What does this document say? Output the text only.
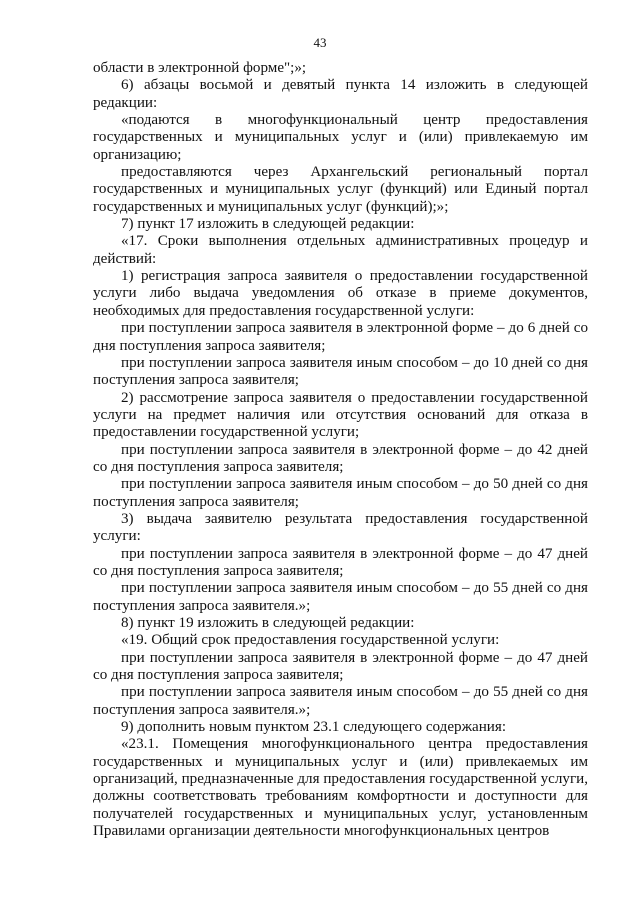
43

области в электронной форме";»;

6) абзацы восьмой и девятый пункта 14 изложить в следующей редакции:

«подаются в многофункциональный центр предоставления государственных и муниципальных услуг и (или) привлекаемую им организацию;

предоставляются через Архангельский региональный портал государственных и муниципальных услуг (функций) или Единый портал государственных и муниципальных услуг (функций);»;

7) пункт 17 изложить в следующей редакции:

«17. Сроки выполнения отдельных административных процедур и действий:

1) регистрация запроса заявителя о предоставлении государственной услуги либо выдача уведомления об отказе в приеме документов, необходимых для предоставления государственной услуги:

при поступлении запроса заявителя в электронной форме – до 6 дней со дня поступления запроса заявителя;

при поступлении запроса заявителя иным способом – до 10 дней со дня поступления запроса заявителя;

2) рассмотрение запроса заявителя о предоставлении государственной услуги на предмет наличия или отсутствия оснований для отказа в предоставлении государственной услуги;

при поступлении запроса заявителя в электронной форме – до 42 дней со дня поступления запроса заявителя;

при поступлении запроса заявителя иным способом – до 50 дней со дня поступления запроса заявителя;

3) выдача заявителю результата предоставления государственной услуги:

при поступлении запроса заявителя в электронной форме – до 47 дней со дня поступления запроса заявителя;

при поступлении запроса заявителя иным способом – до 55 дней со дня поступления запроса заявителя.»;

8) пункт 19 изложить в следующей редакции:

«19. Общий срок предоставления государственной услуги:

при поступлении запроса заявителя в электронной форме – до 47 дней со дня поступления запроса заявителя;

при поступлении запроса заявителя иным способом – до 55 дней со дня поступления запроса заявителя.»;

9) дополнить новым пунктом 23.1 следующего содержания:

«23.1. Помещения многофункционального центра предоставления государственных и муниципальных услуг и (или) привлекаемых им организаций, предназначенные для предоставления государственной услуги, должны соответствовать требованиям комфортности и доступности для получателей государственных и муниципальных услуг, установленным Правилами организации деятельности многофункциональных центров
